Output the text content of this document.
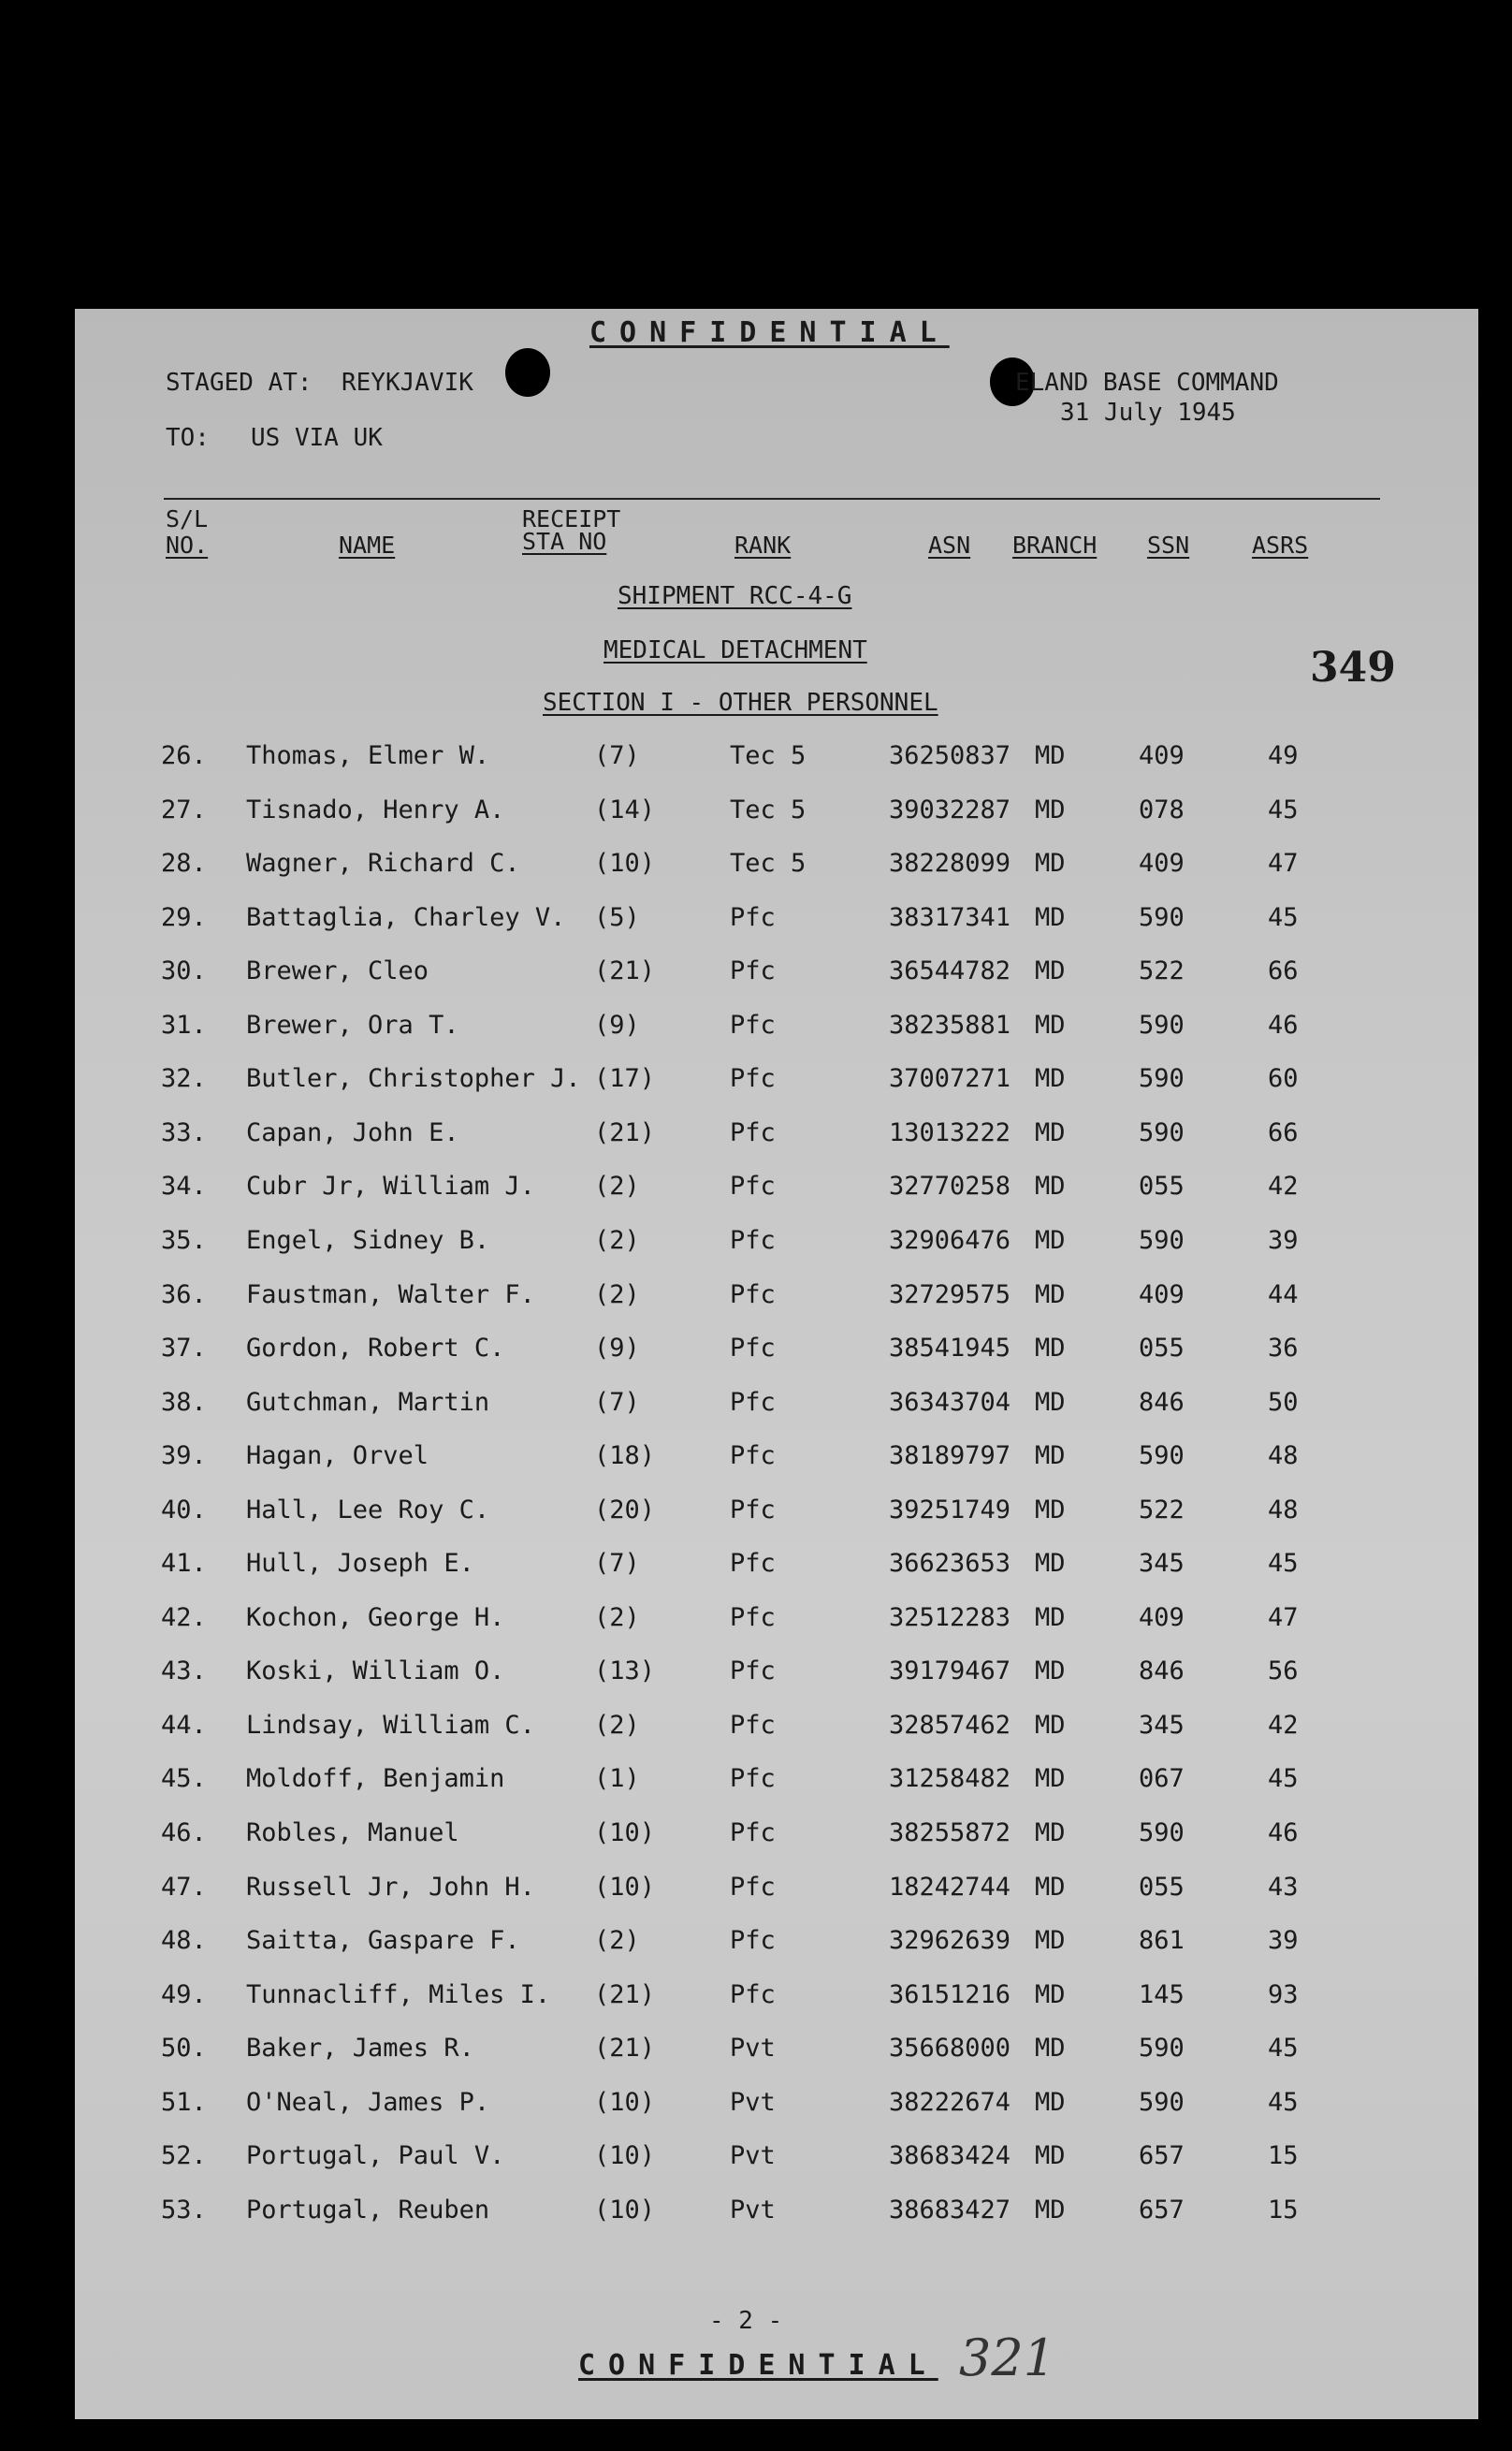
CONFIDENTIAL
STAGED AT: REYKJAVIK	ELAND BASE COMMAND
31 July 1945
TO: US VIA UK
S/L	RECEIPT
NO.	NAME	STA NO	RANK	ASN BRANCH SSN	ASRS
SHIPMENT RCC-4-G
MEDICAL DETACHMENT	349
SECTION I - OTHER PERSONNEL
26. Thomas, Elmer W.	(7)	Tec 5	36250837 MD	409	49
27. Tisnado, Henry A.	(14)	Tec 5	39032287 MD	078	45
28. Wagner, Richard C.	(10)	Tec 5	38228099 MD	409	47
29. Battaglia, Charley V. (5)	Pfc	38317341 MD	590	45
30. Brewer, Cleo	(21)	Pfc	36544782 MD	522	66
31. Brewer, Ora T.	(9)	Pfc	38235881 MD	590	46
32. Butler, Christopher J. (17)	Pfc	37007271 MD	590	60
33. Capan, John E.	(21)	Pfc	13013222 MD	590	66
34. Cubr Jr, William J. (2)	Pfc	32770258 MD	055	42
35. Engel, Sidney B.	(2)	Pfc	32906476 MD	590	39
36. Faustman, Walter F. (2)	Pfc	32729575 MD	409	44
37. Gordon, Robert C.	(9)	Pfc	38541945 MD	055	36
38. Gutchman, Martin	(7)	Pfc	36343704 MD	846	50
39. Hagan, Orvel	(18)	Pfc	38189797 MD	590	48
40. Hall, Lee Roy C.	(20)	Pfc	39251749 MD	522	48
41. Hull, Joseph E.	(7)	Pfc	36623653 MD	345	45
42. Kochon, George H.	(2)	Pfc	32512283 MD	409	47
43. Koski, William O.	(13)	Pfc	39179467 MD	846	56
44. Lindsay, William C. (2)	Pfc	32857462 MD	345	42
45. Moldoff, Benjamin	(1)	Pfc	31258482 MD	067	45
46. Robles, Manuel	(10)	Pfc	38255872 MD	590	46
47. Russell Jr, John H. (10)	Pfc	18242744 MD	055	43
48. Saitta, Gaspare F.	(2)	Pfc	32962639 MD	861	39
49. Tunnacliff, Miles I. (21)	Pfc	36151216 MD	145	93
50. Baker, James R.	(21)	Pvt	35668000 MD	590	45
51. O'Neal, James P.	(10)	Pvt	38222674 MD	590	45
52. Portugal, Paul V.	(10)	Pvt	38683424 MD	657	15
53. Portugal, Reuben	(10)	Pvt	38683427 MD	657	15
- 2 -
CONFIDENTIAL 321
